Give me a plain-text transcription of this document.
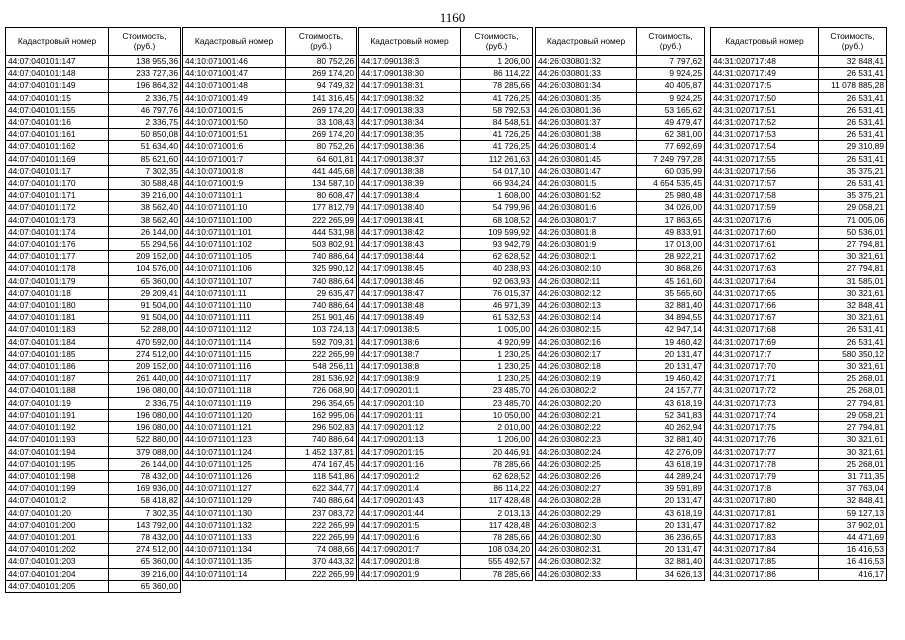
1160
Кадастровый номер	Стоимость, (руб.)
44:07:040101:147	138 955,36
44:07:040101:148	233 727,36
44:07:040101:149	196 864,32
44:07:040101:15	2 336,75
44:07:040101:155	46 797,76
44:07:040101:16	2 336,75
44:07:040101:161	50 850,08
44:07:040101:162	51 634,40
44:07:040101:169	85 621,60
44:07:040101:17	7 302,35
44:07:040101:170	30 588,48
44:07:040101:171	39 216,00
44:07:040101:172	38 562,40
44:07:040101:173	38 562,40
44:07:040101:174	26 144,00
44:07:040101:176	55 294,56
44:07:040101:177	209 152,00
44:07:040101:178	104 576,00
44:07:040101:179	65 360,00
44:07:040101:18	29 209,41
44:07:040101:180	91 504,00
44:07:040101:181	91 504,00
44:07:040101:183	52 288,00
44:07:040101:184	470 592,00
44:07:040101:185	274 512,00
44:07:040101:186	209 152,00
44:07:040101:187	261 440,00
44:07:040101:188	196 080,00
44:07:040101:19	2 336,75
44:07:040101:191	196 080,00
44:07:040101:192	196 080,00
44:07:040101:193	522 880,00
44:07:040101:194	379 088,00
44:07:040101:195	26 144,00
44:07:040101:198	78 432,00
44:07:040101:199	169 936,00
44:07:040101:2	58 418,82
44:07:040101:20	7 302,35
44:07:040101:200	143 792,00
44:07:040101:201	78 432,00
44:07:040101:202	274 512,00
44:07:040101:203	65 360,00
44:07:040101:204	39 216,00
44:07:040101:205	65 360,00
Кадастровый номер	Стоимость, (руб.)
44:10:071001:46	80 752,26
44:10:071001:47	269 174,20
44:10:071001:48	94 749,32
44:10:071001:49	141 316,45
44:10:071001:5	269 174,20
44:10:071001:50	33 108,43
44:10:071001:51	269 174,20
44:10:071001:6	80 752,26
44:10:071001:7	64 601,81
44:10:071001:8	441 445,68
44:10:071001:9	134 587,10
44:10:071101:1	80 608,47
44:10:071101:10	177 812,79
44:10:071101:100	222 265,99
44:10:071101:101	444 531,98
44:10:071101:102	503 802,91
44:10:071101:105	740 886,64
44:10:071101:106	325 990,12
44:10:071101:107	740 886,64
44:10:071101:11	29 635,47
44:10:071101:110	740 886,64
44:10:071101:111	251 901,46
44:10:071101:112	103 724,13
44:10:071101:114	592 709,31
44:10:071101:115	222 265,99
44:10:071101:116	548 256,11
44:10:071101:117	281 536,92
44:10:071101:118	726 068,90
44:10:071101:119	296 354,65
44:10:071101:120	162 995,06
44:10:071101:121	296 502,83
44:10:071101:123	740 886,64
44:10:071101:124	1 452 137,81
44:10:071101:125	474 167,45
44:10:071101:126	118 541,86
44:10:071101:127	622 344,77
44:10:071101:129	740 886,64
44:10:071101:130	237 083,72
44:10:071101:132	222 265,99
44:10:071101:133	222 265,99
44:10:071101:134	74 088,66
44:10:071101:135	370 443,32
44:10:071101:14	222 265,99
Кадастровый номер	Стоимость, (руб.)
44:17:090138:3	1 206,00
44:17:090138:30	86 114,22
44:17:090138:31	78 285,66
44:17:090138:32	41 726,25
44:17:090138:33	58 792,53
44:17:090138:34	84 548,51
44:17:090138:35	41 726,25
44:17:090138:36	41 726,25
44:17:090138:37	112 261,63
44:17:090138:38	54 017,10
44:17:090138:39	66 934,24
44:17:090138:4	1 608,00
44:17:090138:40	54 799,96
44:17:090138:41	68 108,52
44:17:090138:42	109 599,92
44:17:090138:43	93 942,79
44:17:090138:44	62 628,52
44:17:090138:45	40 238,93
44:17:090138:46	92 063,93
44:17:090138:47	76 015,37
44:17:090138:48	46 971,39
44:17:090138:49	61 532,53
44:17:090138:5	1 005,00
44:17:090138:6	4 920,99
44:17:090138:7	1 230,25
44:17:090138:8	1 230,25
44:17:090138:9	1 230,25
44:17:090201:1	23 485,70
44:17:090201:10	23 485,70
44:17:090201:11	10 050,00
44:17:090201:12	2 010,00
44:17:090201:13	1 206,00
44:17:090201:15	20 446,91
44:17:090201:16	78 285,66
44:17:090201:2	62 628,52
44:17:090201:4	86 114,22
44:17:090201:43	117 428,48
44:17:090201:44	2 013,13
44:17:090201:5	117 428,48
44:17:090201:6	78 285,66
44:17:090201:7	108 034,20
44:17:090201:8	555 492,57
44:17:090201:9	78 285,66
Кадастровый номер	Стоимость, (руб.)
44:26:030801:32	7 797,62
44:26:030801:33	9 924,25
44:26:030801:34	40 405,87
44:26:030801:35	9 924,25
44:26:030801:36	53 165,62
44:26:030801:37	49 479,47
44:26:030801:38	62 381,00
44:26:030801:4	77 692,69
44:26:030801:45	7 249 797,28
44:26:030801:47	60 035,99
44:26:030801:5	4 654 535,45
44:26:030801:52	25 980,48
44:26:030801:6	34 026,00
44:26:030801:7	17 863,65
44:26:030801:8	49 833,91
44:26:030801:9	17 013,00
44:26:030802:1	28 922,21
44:26:030802:10	30 868,26
44:26:030802:11	45 161,60
44:26:030802:12	35 565,60
44:26:030802:13	32 881,40
44:26:030802:14	34 894,55
44:26:030802:15	42 947,14
44:26:030802:16	19 460,42
44:26:030802:17	20 131,47
44:26:030802:18	20 131,47
44:26:030802:19	19 460,42
44:26:030802:2	24 157,77
44:26:030802:20	43 618,19
44:26:030802:21	52 341,83
44:26:030802:22	40 262,94
44:26:030802:23	32 881,40
44:26:030802:24	42 276,09
44:26:030802:25	43 618,19
44:26:030802:26	44 289,24
44:26:030802:27	39 591,89
44:26:030802:28	20 131,47
44:26:030802:29	43 618,19
44:26:030802:3	20 131,47
44:26:030802:30	36 236,65
44:26:030802:31	20 131,47
44:26:030802:32	32 881,40
44:26:030802:33	34 626,13
Кадастровый номер	Стоимость, (руб.)
44:31:020717:48	32 848,41
44:31:020717:49	26 531,41
44:31:020717:5	11 078 885,28
44:31:020717:50	26 531,41
44:31:020717:51	26 531,41
44:31:020717:52	26 531,41
44:31:020717:53	26 531,41
44:31:020717:54	29 310,89
44:31:020717:55	26 531,41
44:31:020717:56	35 375,21
44:31:020717:57	26 531,41
44:31:020717:58	35 375,21
44:31:020717:59	29 058,21
44:31:020717:6	71 005,06
44:31:020717:60	50 536,01
44:31:020717:61	27 794,81
44:31:020717:62	30 321,61
44:31:020717:63	27 794,81
44:31:020717:64	31 585,01
44:31:020717:65	30 321,61
44:31:020717:66	32 848,41
44:31:020717:67	30 321,61
44:31:020717:68	26 531,41
44:31:020717:69	26 531,41
44:31:020717:7	580 350,12
44:31:020717:70	30 321,61
44:31:020717:71	25 268,01
44:31:020717:72	25 268,01
44:31:020717:73	27 794,81
44:31:020717:74	29 058,21
44:31:020717:75	27 794,81
44:31:020717:76	30 321,61
44:31:020717:77	30 321,61
44:31:020717:78	25 268,01
44:31:020717:79	31 711,35
44:31:020717:8	37 763,04
44:31:020717:80	32 848,41
44:31:020717:81	59 127,13
44:31:020717:82	37 902,01
44:31:020717:83	44 471,69
44:31:020717:84	16 416,53
44:31:020717:85	16 416,53
44:31:020717:86	416,17
